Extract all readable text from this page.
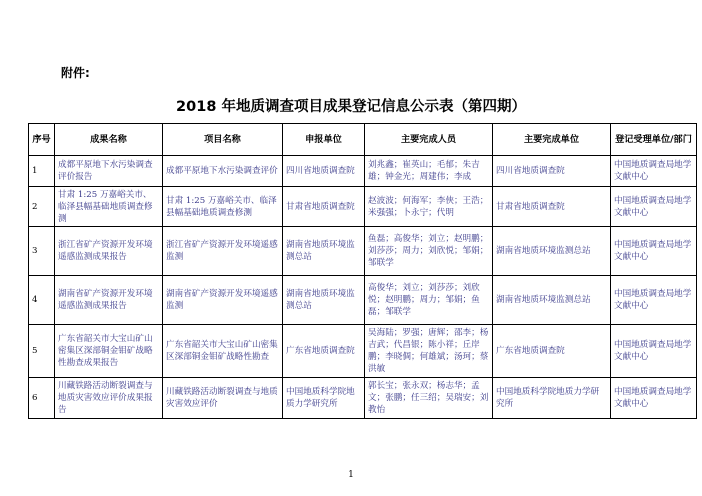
附件:
2018 年地质调查项目成果登记信息公示表（第四期）
序号	成果名称	项目名称	申报单位	主要完成人员	主要完成单位	登记受理单位/部门
1	成都平原地下水污染调查评价报告	成都平原地下水污染调查评价	四川省地质调查院	刘兆鑫；崔英山；毛郁；朱吉雄；钟金光；周建伟；李成	四川省地质调查院	中国地质调查局地学文献中心
2	甘肃 1:25 万嘉峪关市、临泽县幅基础地质调查修测	甘肃 1:25 万嘉峪关市、临泽县幅基础地质调查修测	甘肃省地质调查院	赵波波；何海军；李俠；王浩；米强强；卜永宁；代明	甘肃省地质调查院	中国地质调查局地学文献中心
3	浙江省矿产资源开发环境遥感监测成果报告	浙江省矿产资源开发环境遥感监测	湖南省地质环境监测总站	鱼磊；高俊华；刘立；赵明鹏；刘莎莎；周力；刘欣悦；邹娟；邹联学	湖南省地质环境监测总站	中国地质调查局地学文献中心
4	湖南省矿产资源开发环境遥感监测成果报告	湖南省矿产资源开发环境遥感监测	湖南省地质环境监测总站	高俊华；刘立；刘莎莎；刘欣悦；赵明鹏；周力；邹娟；鱼磊；邹联学	湖南省地质环境监测总站	中国地质调查局地学文献中心
5	广东省韶关市大宝山矿山密集区深部铜金钼矿战略性勘查成果报告	广东省韶关市大宝山矿山密集区深部铜金钼矿战略性勘查	广东省地质调查院	吴海陆；罗强；唐辉；邵李；杨吉武；代昌银；陈小祥；丘岸鹏；李晓倜；何雄斌；汤珂；蔡洪敏	广东省地质调查院	中国地质调查局地学文献中心
6	川藏铁路活动断裂调查与地质灾害效应评价成果报告	川藏铁路活动断裂调查与地质灾害效应评价	中国地质科学院地质力学研究所	郭长宝；张永双；杨志华；孟文；张鹏；任三绍；吴瑞安；刘教怡	中国地质科学院地质力学研究所	中国地质调查局地学文献中心
1
